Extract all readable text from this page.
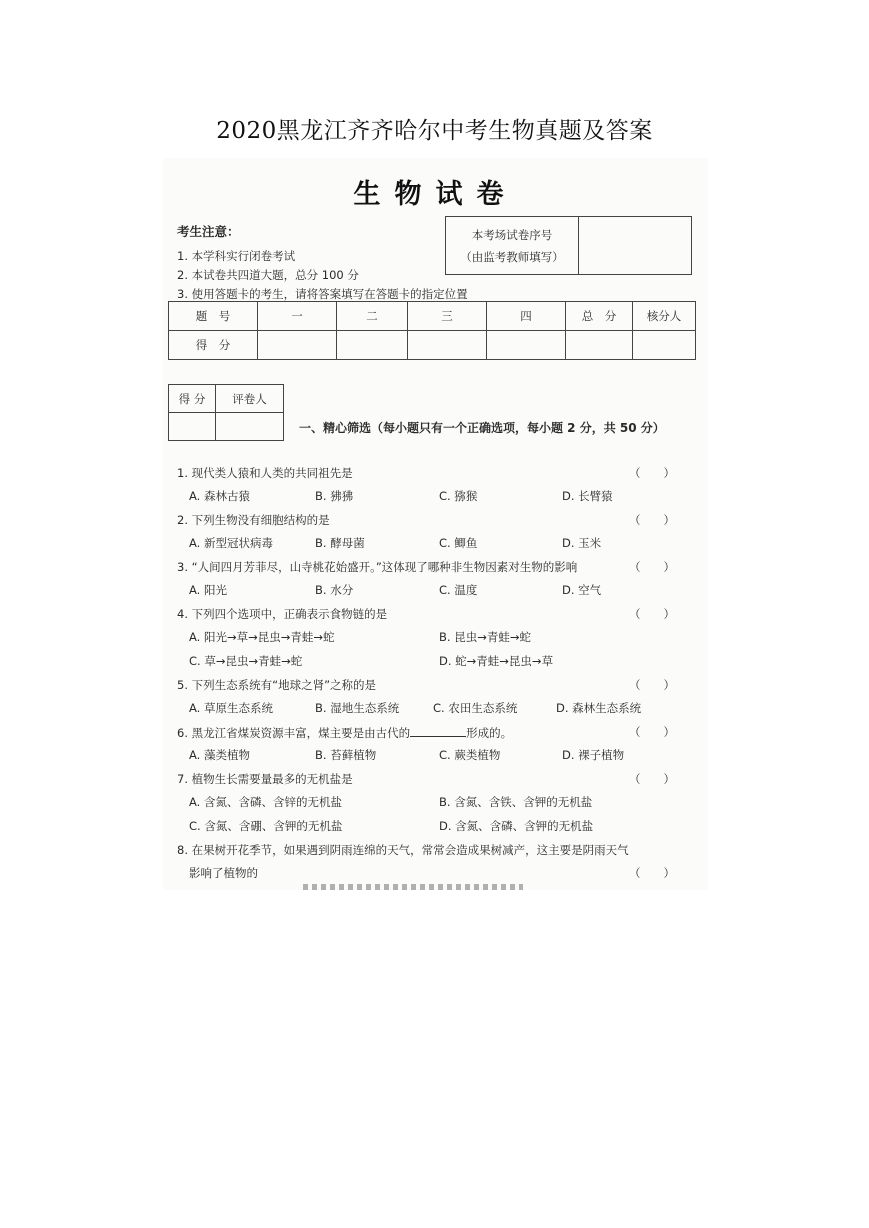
2020黑龙江齐齐哈尔中考生物真题及答案
生物试卷
考生注意：
1. 本学科实行闭卷考试
2. 本试卷共四道大题，总分 100 分
3. 使用答题卡的考生，请将答案填写在答题卡的指定位置
本考场试卷序号
（由监考教师填写）
题　号	一	二	三	四	总　分	核分人
得　分						
得 分	评卷人

一、精心筛选（每小题只有一个正确选项，每小题 2 分，共 50 分）
1. 现代类人猿和人类的共同祖先是	（　　）
A. 森林古猿	B. 狒狒	C. 猕猴	D. 长臂猿
2. 下列生物没有细胞结构的是	（　　）
A. 新型冠状病毒	B. 酵母菌	C. 鲫鱼	D. 玉米
3. “人间四月芳菲尽，山寺桃花始盛开。”这体现了哪种非生物因素对生物的影响	（　　）
A. 阳光	B. 水分	C. 温度	D. 空气
4. 下列四个选项中，正确表示食物链的是	（　　）
A. 阳光→草→昆虫→青蛙→蛇	B. 昆虫→青蛙→蛇
C. 草→昆虫→青蛙→蛇	D. 蛇→青蛙→昆虫→草
5. 下列生态系统有“地球之肾”之称的是	（　　）
A. 草原生态系统	B. 湿地生态系统	C. 农田生态系统	D. 森林生态系统
6. 黑龙江省煤炭资源丰富，煤主要是由古代的	形成的。	（　　）
A. 藻类植物	B. 苔藓植物	C. 蕨类植物	D. 裸子植物
7. 植物生长需要量最多的无机盐是	（　　）
A. 含氮、含磷、含锌的无机盐	B. 含氮、含铁、含钾的无机盐
C. 含氮、含硼、含钾的无机盐	D. 含氮、含磷、含钾的无机盐
8. 在果树开花季节，如果遇到阴雨连绵的天气，常常会造成果树减产，这主要是阴雨天气
影响了植物的	（　　）
